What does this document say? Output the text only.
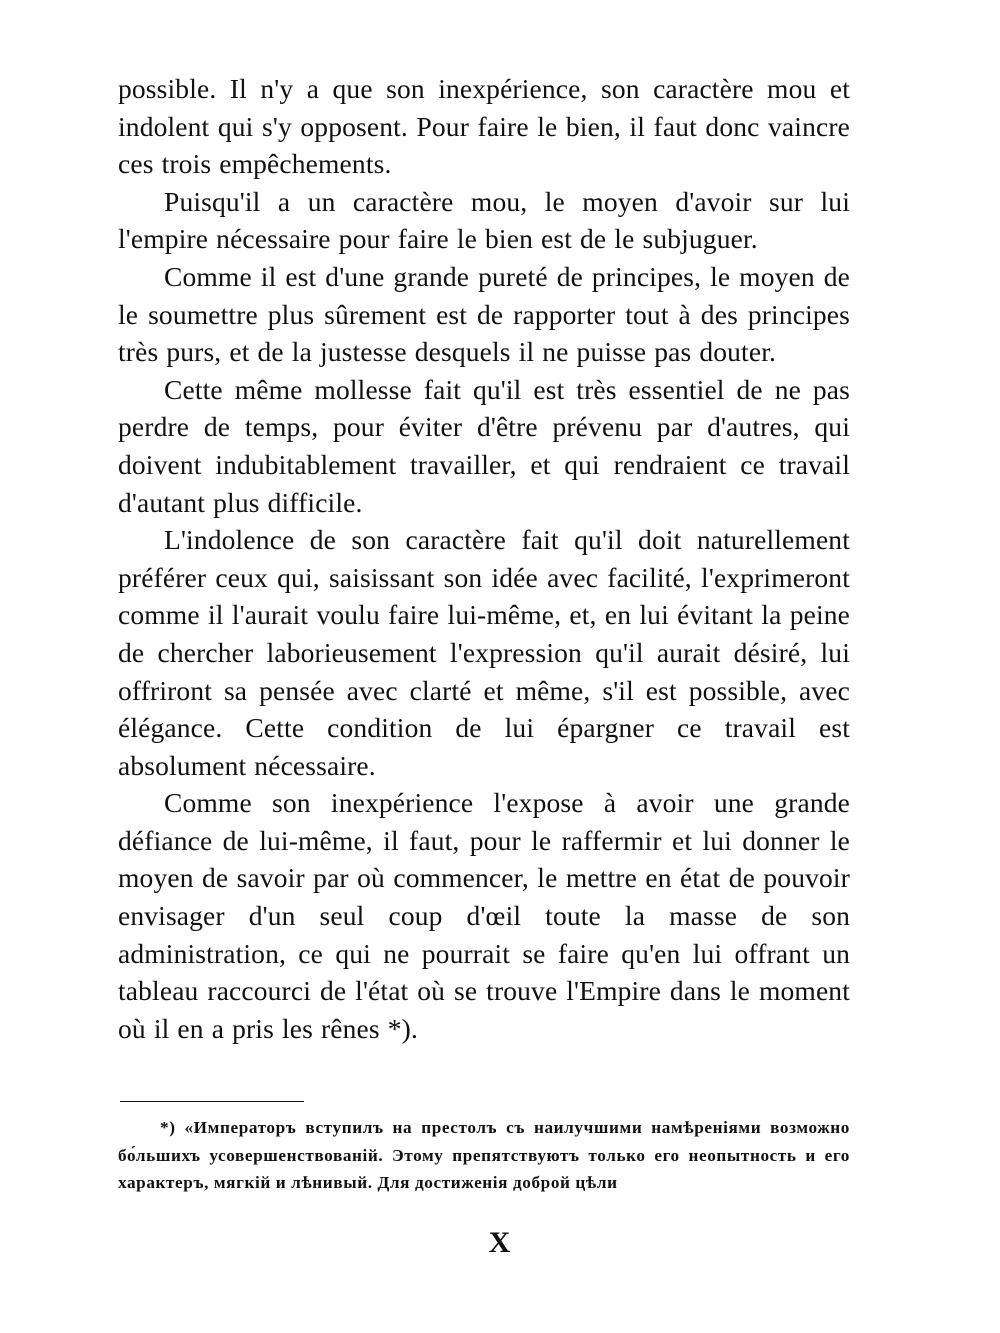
possible. Il n'y a que son inexpérience, son caractère mou et indolent qui s'y opposent. Pour faire le bien, il faut donc vaincre ces trois empêchements.

Puisqu'il a un caractère mou, le moyen d'avoir sur lui l'empire nécessaire pour faire le bien est de le subjuguer.

Comme il est d'une grande pureté de principes, le moyen de le soumettre plus sûrement est de rapporter tout à des principes très purs, et de la justesse desquels il ne puisse pas douter.

Cette même mollesse fait qu'il est très essentiel de ne pas perdre de temps, pour éviter d'être prévenu par d'autres, qui doivent indubitablement travailler, et qui rendraient ce travail d'autant plus difficile.

L'indolence de son caractère fait qu'il doit naturellement préférer ceux qui, saisissant son idée avec facilité, l'exprimeront comme il l'aurait voulu faire lui-même, et, en lui évitant la peine de chercher laborieusement l'expression qu'il aurait désiré, lui offriront sa pensée avec clarté et même, s'il est possible, avec élégance. Cette condition de lui épargner ce travail est absolument nécessaire.

Comme son inexpérience l'expose à avoir une grande défiance de lui-même, il faut, pour le raffermir et lui donner le moyen de savoir par où commencer, le mettre en état de pouvoir envisager d'un seul coup d'œil toute la masse de son administration, ce qui ne pourrait se faire qu'en lui offrant un tableau raccourci de l'état où se trouve l'Empire dans le moment où il en a pris les rênes *).

*) «Императоръ вступилъ на престолъ съ наилучшими намѣреніями возможно бо́льшихъ усовершенствованій. Этому препятствуютъ только его неопытность и его характеръ, мягкій и лѣнивый. Для достиженія доброй цѣли

X
